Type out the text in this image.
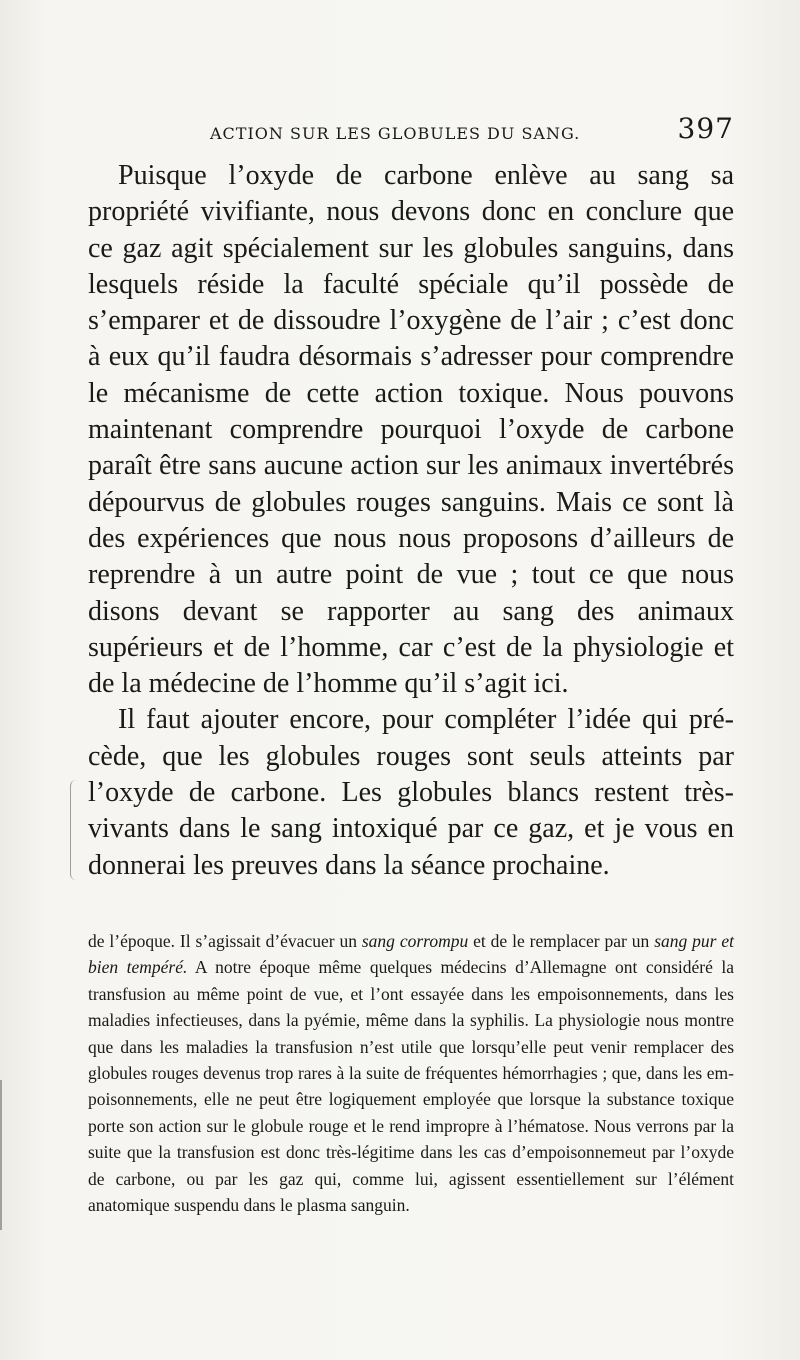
ACTION SUR LES GLOBULES DU SANG.	397

Puisque l’oxyde de carbone enlève au sang sa propriété vivifiante, nous devons donc en conclure que ce gaz agit spécialement sur les globules sanguins, dans lesquels réside la faculté spéciale qu’il possède de s’emparer et de dissoudre l’oxygène de l’air ; c’est donc à eux qu’il faudra désormais s’adresser pour comprendre le mécanisme de cette action toxique. Nous pouvons maintenant comprendre pourquoi l’oxyde de carbone paraît être sans aucune action sur les animaux invertébrés dépourvus de globules rouges sanguins. Mais ce sont là des expériences que nous nous proposons d’ailleurs de reprendre à un autre point de vue ; tout ce que nous disons devant se rapporter au sang des animaux supérieurs et de l’homme, car c’est de la physiologie et de la médecine de l’homme qu’il s’agit ici.

Il faut ajouter encore, pour compléter l’idée qui précède, que les globules rouges sont seuls atteints par l’oxyde de carbone. Les globules blancs restent très-vivants dans le sang intoxiqué par ce gaz, et je vous en donnerai les preuves dans la séance prochaine.

de l’époque. Il s’agissait d’évacuer un sang corrompu et de le remplacer par un sang pur et bien tempéré. A notre époque même quelques médecins d’Allemagne ont considéré la transfusion au même point de vue, et l’ont essayée dans les empoisonnements, dans les maladies infectieuses, dans la pyémie, même dans la syphilis. La physiologie nous montre que dans les maladies la transfusion n’est utile que lorsqu’elle peut venir remplacer des globules rouges devenus trop rares à la suite de fréquentes hémorrhagies ; que, dans les empoisonnements, elle ne peut être logiquement employée que lorsque la substance toxique porte son action sur le globule rouge et le rend impropre à l’hématose. Nous verrons par la suite que la transfusion est donc très-légitime dans les cas d’empoisonnemeut par l’oxyde de carbone, ou par les gaz qui, comme lui, agissent essentiellement sur l’élément anatomique suspendu dans le plasma sanguin.
